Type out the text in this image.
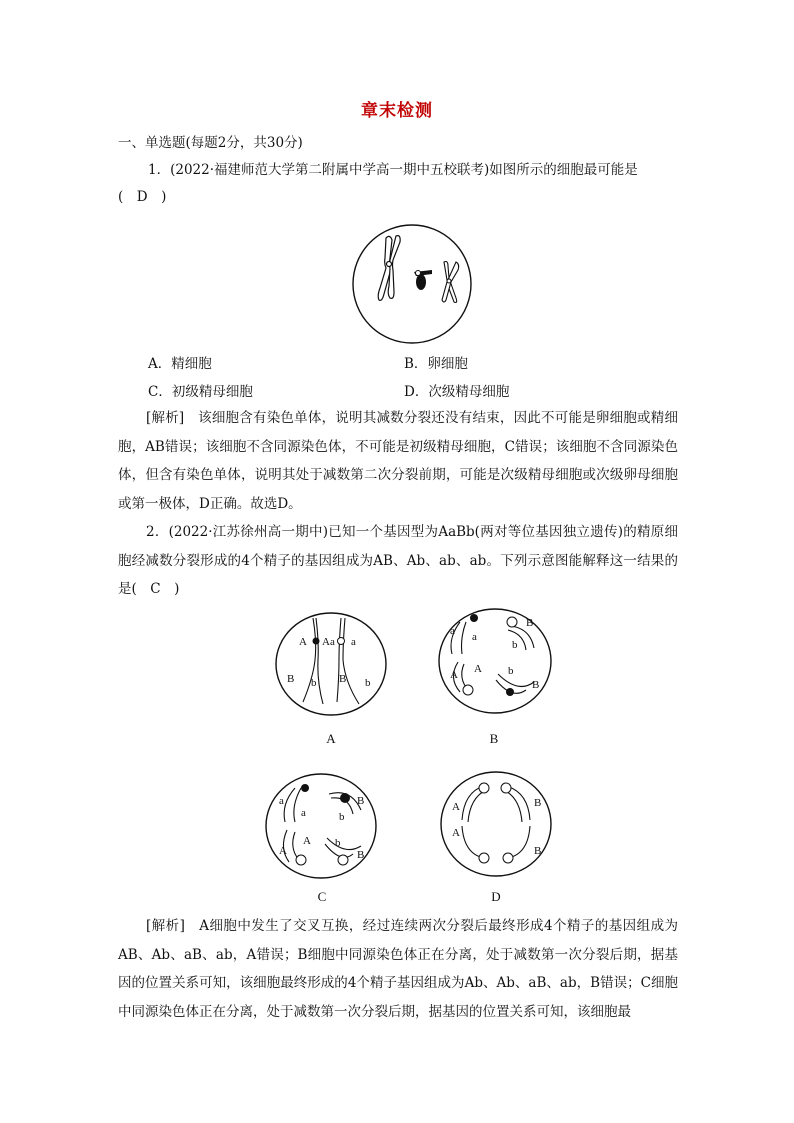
章末检测
一、单选题(每题2分，共30分)
1．(2022·福建师范大学第二附属中学高一期中五校联考)如图所示的细胞最可能是
(　D　)
A．精细胞	B．卵细胞
C．初级精母细胞	D．次级精母细胞
[解析]　 该细胞含有染色单体，说明其减数分裂还没有结束，因此不可能是卵细胞或精细胞，AB错误；该细胞不含同源染色体，不可能是初级精母细胞，C错误；该细胞不含同源染色体，但含有染色单体，说明其处于减数第二次分裂前期，可能是次级精母细胞或次级卵母细胞或第一极体，D正确。故选D。
2．(2022·江苏徐州高一期中)已知一个基因型为AaBb(两对等位基因独立遗传)的精原细胞经减数分裂形成的4个精子的基因组成为AB、Ab、ab、ab。下列示意图能解释这一结果的是(　C　)
A Aa a
B b B b
A
a a
B
b
A
A	b
B
B
a
a
B
b
A
A
b
B
C
A
A
B
B
D
[解析]　 A细胞中发生了交叉互换，经过连续两次分裂后最终形成4个精子的基因组成为AB、Ab、aB、ab，A错误；B细胞中同源染色体正在分离，处于减数第一次分裂后期，据基因的位置关系可知，该细胞最终形成的4个精子基因组成为Ab、Ab、aB、ab，B错误；C细胞中同源染色体正在分离，处于减数第一次分裂后期，据基因的位置关系可知，该细胞最
